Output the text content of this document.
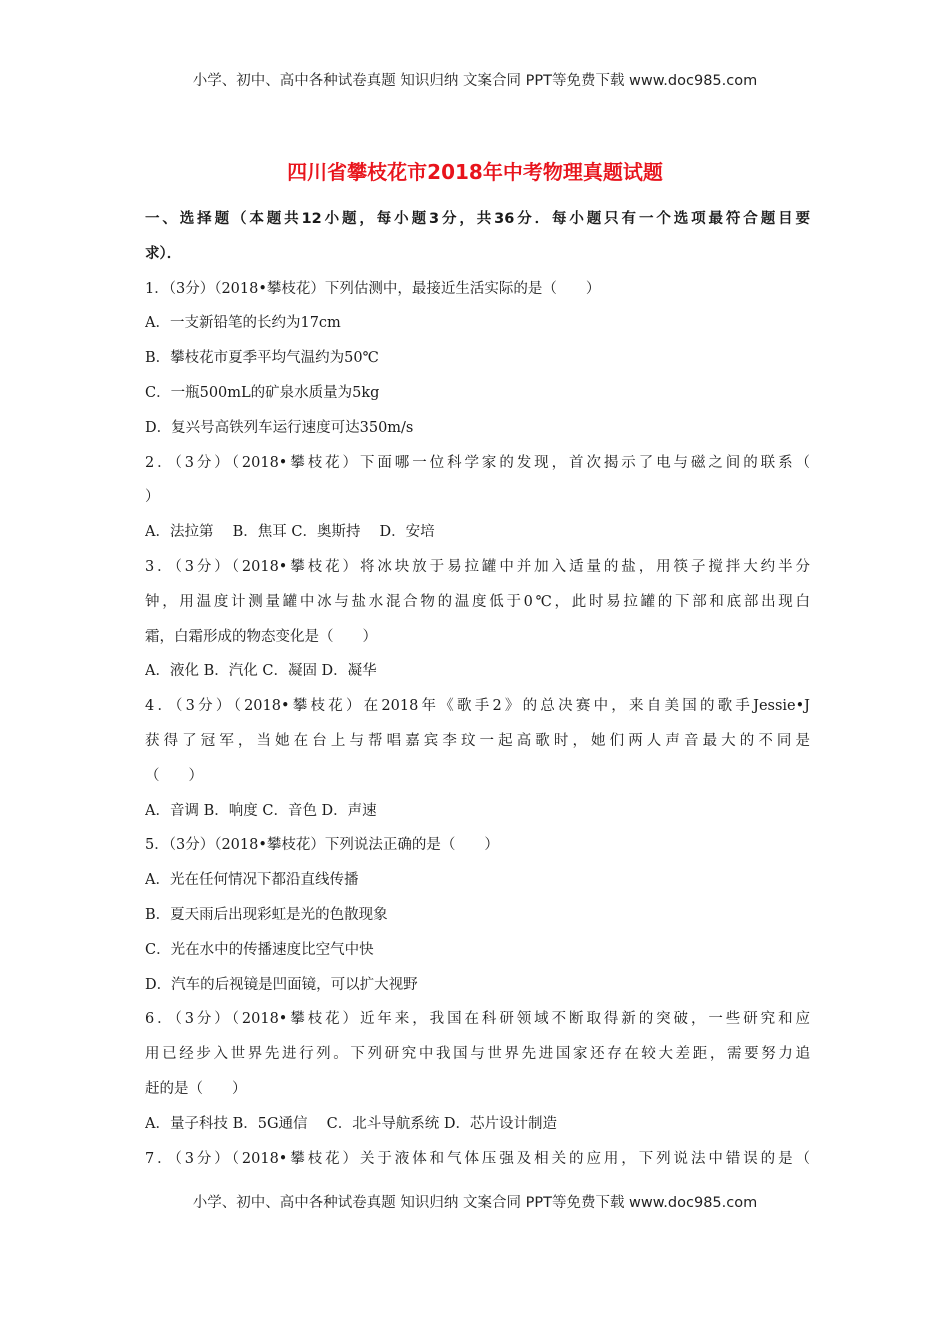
小学、初中、高中各种试卷真题 知识归纳 文案合同 PPT等免费下载 www.doc985.com
四川省攀枝花市2018年中考物理真题试题
一、选择题（本题共12小题，每小题3分，共36分．每小题只有一个选项最符合题目要
求）．
1．（3分）（2018•攀枝花）下列估测中，最接近生活实际的是（　　）
A．一支新铅笔的长约为17cm
B．攀枝花市夏季平均气温约为50℃
C．一瓶500mL的矿泉水质量为5kg
D．复兴号高铁列车运行速度可达350m/s
2．（3分）（2018•攀枝花）下面哪一位科学家的发现，首次揭示了电与磁之间的联系（
）
A．法拉第　 B．焦耳 C．奥斯持　 D．安培
3．（3分）（2018•攀枝花）将冰块放于易拉罐中并加入适量的盐，用筷子搅拌大约半分
钟，用温度计测量罐中冰与盐水混合物的温度低于0℃，此时易拉罐的下部和底部出现白
霜，白霜形成的物态变化是（　　）
A．液化 B．汽化 C．凝固 D．凝华
4．（3分）（2018•攀枝花）在2018年《歌手2》的总决赛中，来自美国的歌手Jessie•J
获得了冠军，当她在台上与帮唱嘉宾李玟一起高歌时，她们两人声音最大的不同是
（　　）
A．音调 B．响度 C．音色 D．声速
5．（3分）（2018•攀枝花）下列说法正确的是（　　）
A．光在任何情况下都沿直线传播
B．夏天雨后出现彩虹是光的色散现象
C．光在水中的传播速度比空气中快
D．汽车的后视镜是凹面镜，可以扩大视野
6．（3分）（2018•攀枝花）近年来，我国在科研领域不断取得新的突破，一些研究和应
用已经步入世界先进行列。下列研究中我国与世界先进国家还存在较大差距，需要努力追
赶的是（　　）
A．量子科技 B．5G通信　 C．北斗导航系统 D．芯片设计制造
7．（3分）（2018•攀枝花）关于液体和气体压强及相关的应用，下列说法中错误的是（
小学、初中、高中各种试卷真题 知识归纳 文案合同 PPT等免费下载 www.doc985.com
